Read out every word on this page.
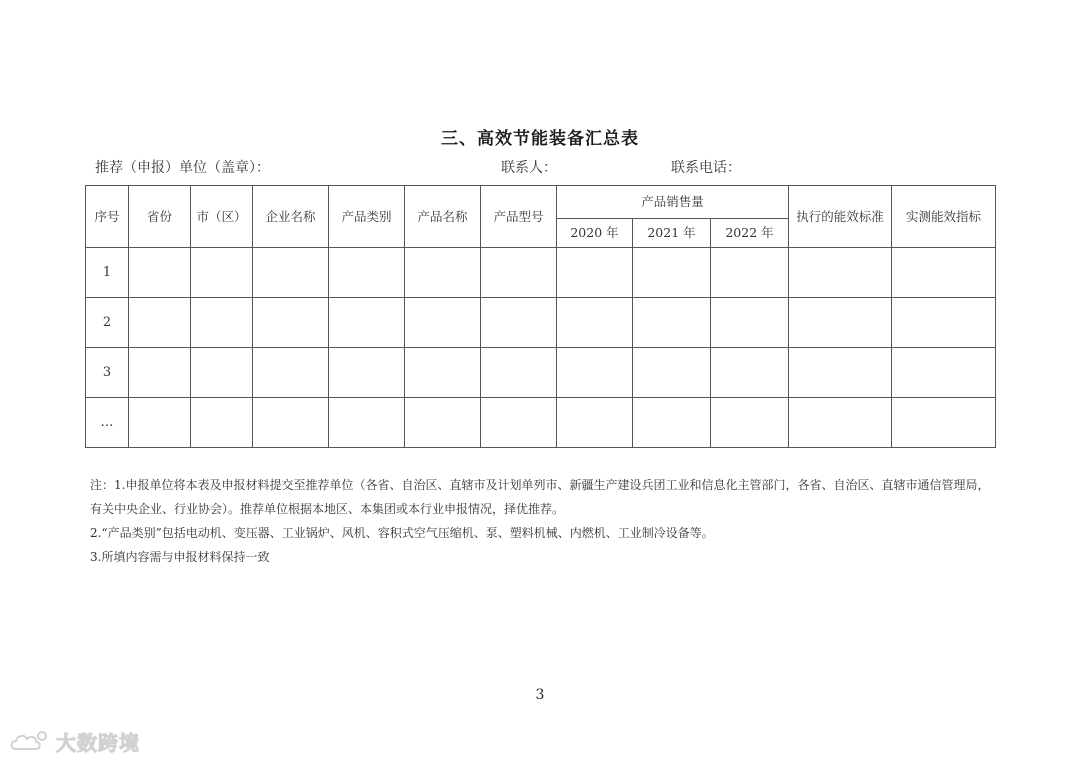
三、高效节能装备汇总表
推荐（申报）单位（盖章）：	联系人：	联系电话：
序号	省份	市（区）	企业名称	产品类别	产品名称	产品型号	产品销售量			执行的能效标准	实测能效指标
							2020 年	2021 年	2022 年		
1											
2											
3											
…											

注：1.申报单位将本表及申报材料提交至推荐单位（各省、自治区、直辖市及计划单列市、新疆生产建设兵团工业和信息化主管部门，各省、自治区、直辖市通信管理局，有关中央企业、行业协会）。推荐单位根据本地区、本集团或本行业申报情况，择优推荐。

2.“产品类别”包括电动机、变压器、工业锅炉、风机、容积式空气压缩机、泵、塑料机械、内燃机、工业制冷设备等。

3.所填内容需与申报材料保持一致

3
大数跨境
